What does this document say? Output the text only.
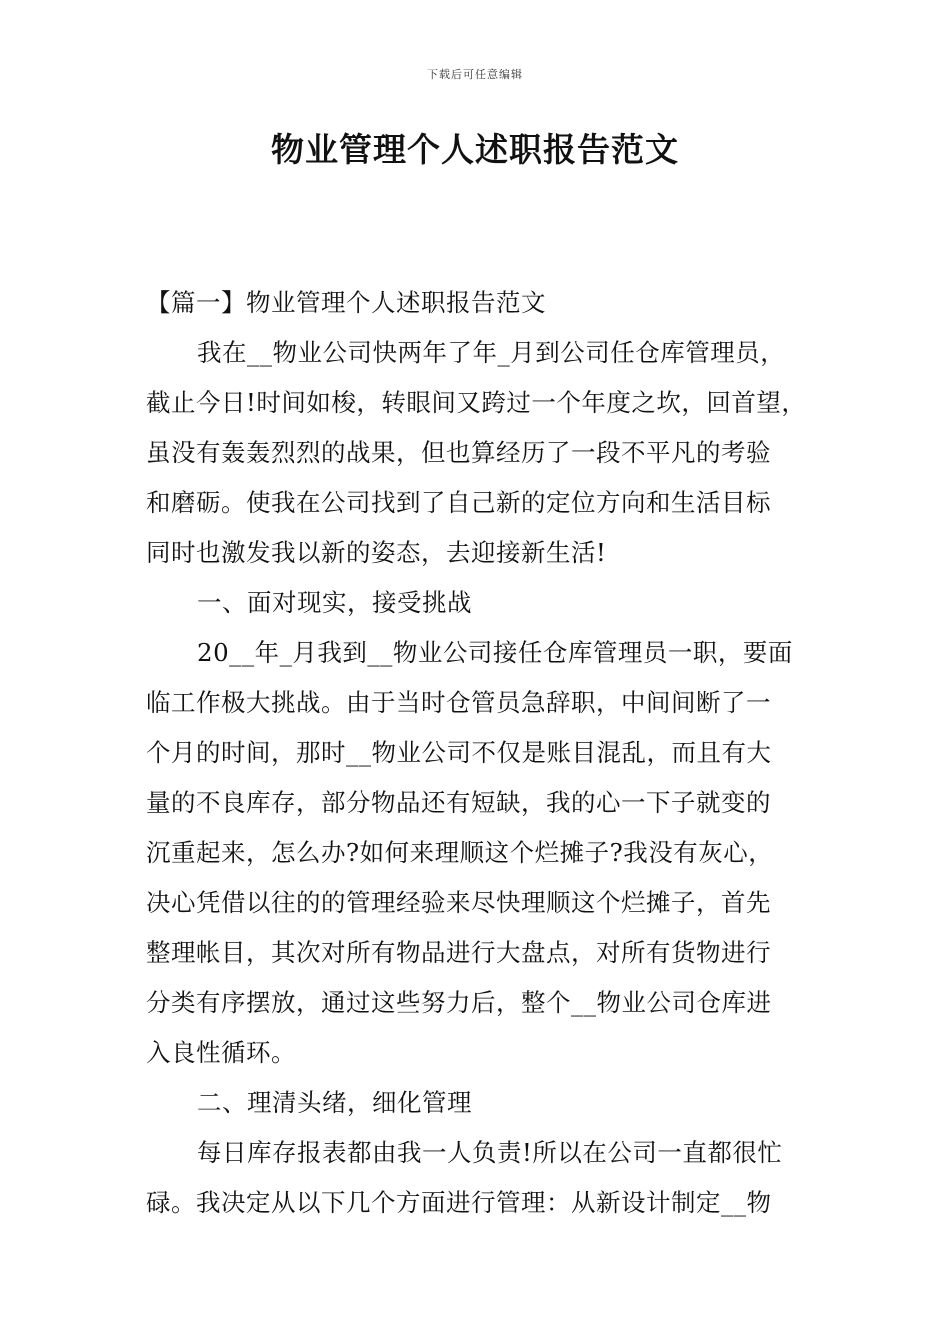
下载后可任意编辑
物业管理个人述职报告范文
【篇一】物业管理个人述职报告范文

我在__物业公司快两年了年_月到公司任仓库管理员，
截止今日!时间如梭，转眼间又跨过一个年度之坎，回首望，
虽没有轰轰烈烈的战果，但也算经历了一段不平凡的考验
和磨砺。使我在公司找到了自己新的定位方向和生活目标
同时也激发我以新的姿态，去迎接新生活!

一、面对现实，接受挑战

20__年_月我到__物业公司接任仓库管理员一职，要面
临工作极大挑战。由于当时仓管员急辞职，中间间断了一
个月的时间，那时__物业公司不仅是账目混乱，而且有大
量的不良库存，部分物品还有短缺，我的心一下子就变的
沉重起来，怎么办?如何来理顺这个烂摊子?我没有灰心，
决心凭借以往的的管理经验来尽快理顺这个烂摊子，首先
整理帐目，其次对所有物品进行大盘点，对所有货物进行
分类有序摆放，通过这些努力后，整个__物业公司仓库进
入良性循环。

二、理清头绪，细化管理

每日库存报表都由我一人负责!所以在公司一直都很忙
碌。我决定从以下几个方面进行管理：从新设计制定__物
